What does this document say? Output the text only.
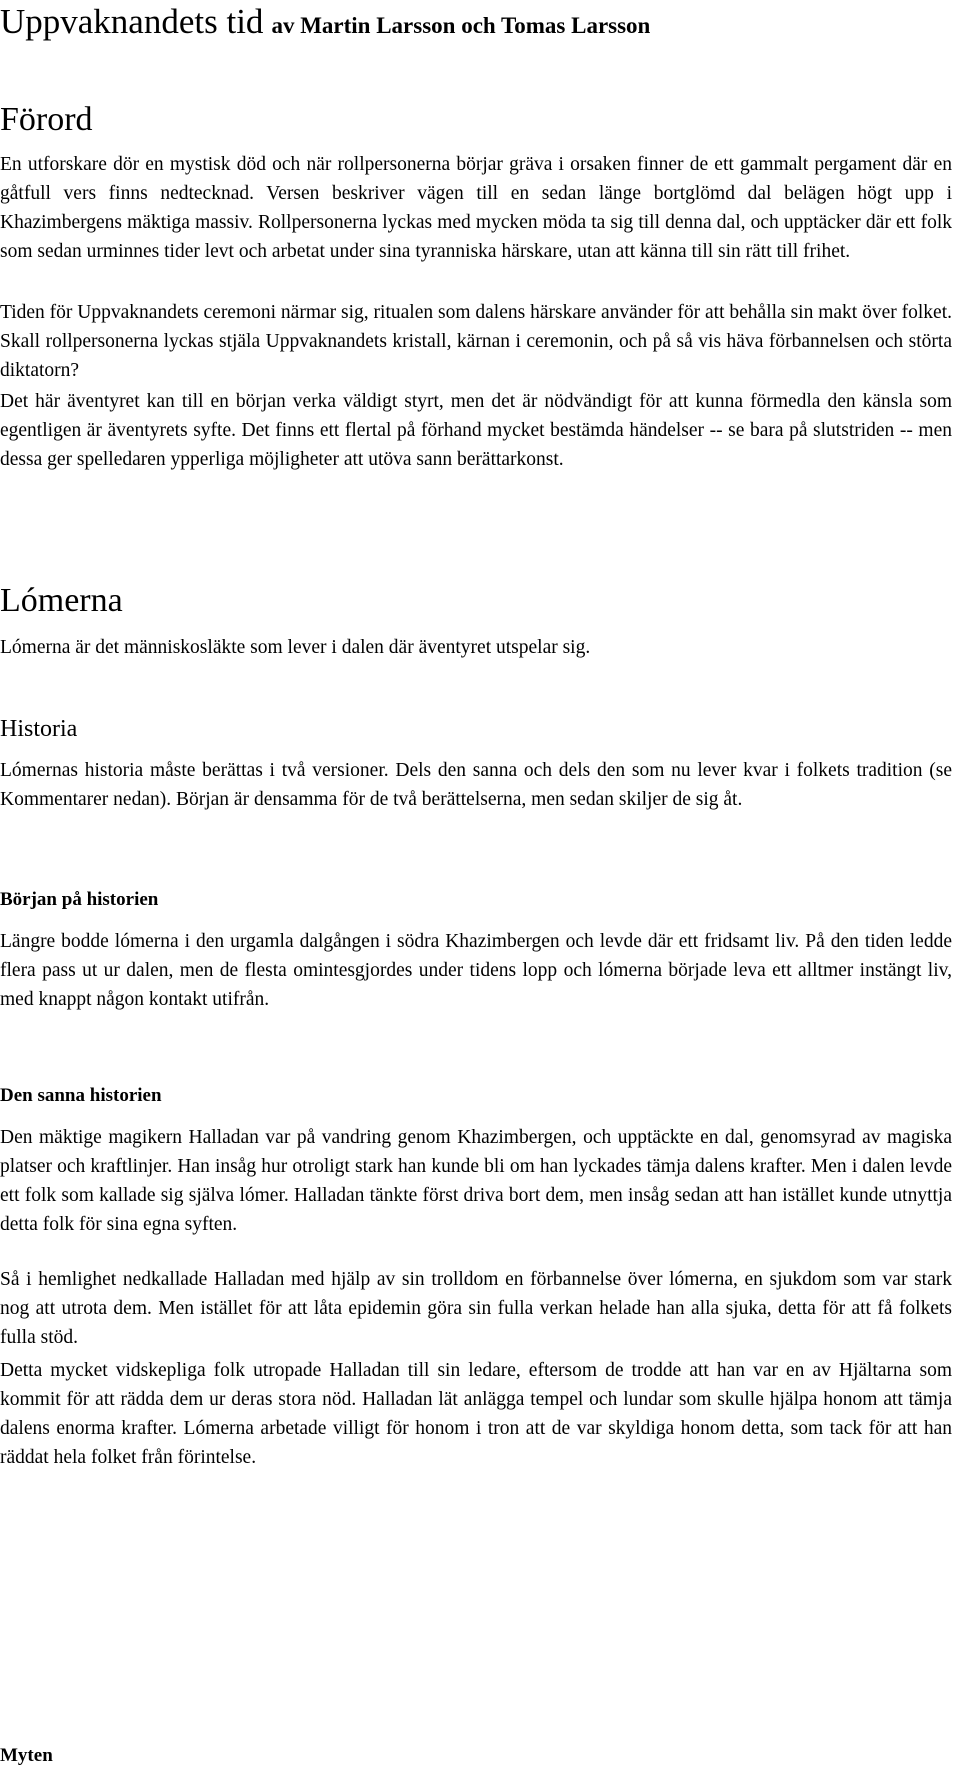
Uppvaknandets tid av Martin Larsson och Tomas Larsson
Förord

En utforskare dör en mystisk död och när rollpersonerna börjar gräva i orsaken finner de ett gammalt pergament där en gåtfull vers finns nedtecknad. Versen beskriver vägen till en sedan länge bortglömd dal belägen högt upp i Khazimbergens mäktiga massiv. Rollpersonerna lyckas med mycken möda ta sig till denna dal, och upptäcker där ett folk som sedan urminnes tider levt och arbetat under sina tyranniska härskare, utan att känna till sin rätt till frihet.

Tiden för Uppvaknandets ceremoni närmar sig, ritualen som dalens härskare använder för att behålla sin makt över folket. Skall rollpersonerna lyckas stjäla Uppvaknandets kristall, kärnan i ceremonin, och på så vis häva förbannelsen och störta diktatorn?

Det här äventyret kan till en början verka väldigt styrt, men det är nödvändigt för att kunna förmedla den känsla som egentligen är äventyrets syfte. Det finns ett flertal på förhand mycket bestämda händelser -- se bara på slutstriden -- men dessa ger spelledaren ypperliga möjligheter att utöva sann berättarkonst.

Lómerna

Lómerna är det människosläkte som lever i dalen där äventyret utspelar sig.

Historia

Lómernas historia måste berättas i två versioner. Dels den sanna och dels den som nu lever kvar i folkets tradition (se Kommentarer nedan). Början är densamma för de två berättelserna, men sedan skiljer de sig åt.

Början på historien

Längre bodde lómerna i den urgamla dalgången i södra Khazimbergen och levde där ett fridsamt liv. På den tiden ledde flera pass ut ur dalen, men de flesta omintesgjordes under tidens lopp och lómerna började leva ett alltmer instängt liv, med knappt någon kontakt utifrån.

Den sanna historien

Den mäktige magikern Halladan var på vandring genom Khazimbergen, och upptäckte en dal, genomsyrad av magiska platser och kraftlinjer. Han insåg hur otroligt stark han kunde bli om han lyckades tämja dalens krafter. Men i dalen levde ett folk som kallade sig själva lómer. Halladan tänkte först driva bort dem, men insåg sedan att han istället kunde utnyttja detta folk för sina egna syften.

Så i hemlighet nedkallade Halladan med hjälp av sin trolldom en förbannelse över lómerna, en sjukdom som var stark nog att utrota dem. Men istället för att låta epidemin göra sin fulla verkan helade han alla sjuka, detta för att få folkets fulla stöd.

Detta mycket vidskepliga folk utropade Halladan till sin ledare, eftersom de trodde att han var en av Hjältarna som kommit för att rädda dem ur deras stora nöd. Halladan lät anlägga tempel och lundar som skulle hjälpa honom att tämja dalens enorma krafter. Lómerna arbetade villigt för honom i tron att de var skyldiga honom detta, som tack för att han räddat hela folket från förintelse.

Myten
